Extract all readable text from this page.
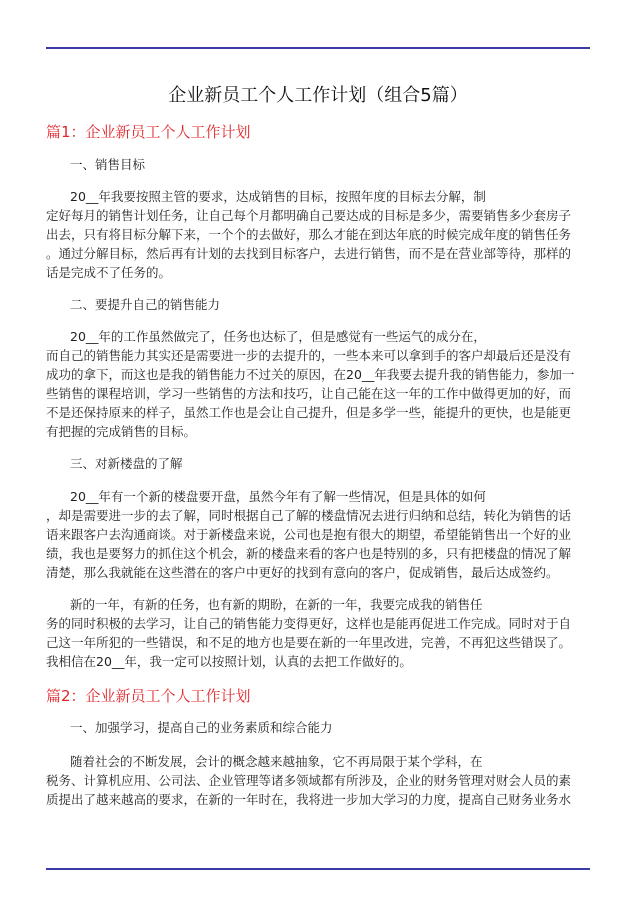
企业新员工个人工作计划（组合5篇）
篇1：企业新员工个人工作计划
一、销售目标
20__年我要按照主管的要求，达成销售的目标，按照年度的目标去分解，制
定好每月的销售计划任务，让自己每个月都明确自己要达成的目标是多少，需要销售多少套房子
出去，只有将目标分解下来，一个个的去做好，那么才能在到达年底的时候完成年度的销售任务
。通过分解目标，然后再有计划的去找到目标客户，去进行销售，而不是在营业部等待，那样的
话是完成不了任务的。
二、要提升自己的销售能力
20__年的工作虽然做完了，任务也达标了，但是感觉有一些运气的成分在，
而自己的销售能力其实还是需要进一步的去提升的，一些本来可以拿到手的客户却最后还是没有
成功的拿下，而这也是我的销售能力不过关的原因，在20__年我要去提升我的销售能力，参加一
些销售的课程培训，学习一些销售的方法和技巧，让自己能在这一年的工作中做得更加的好，而
不是还保持原来的样子，虽然工作也是会让自己提升，但是多学一些，能提升的更快，也是能更
有把握的完成销售的目标。
三、对新楼盘的了解
20__年有一个新的楼盘要开盘，虽然今年有了解一些情况，但是具体的如何
，却是需要进一步的去了解，同时根据自己了解的楼盘情况去进行归纳和总结，转化为销售的话
语来跟客户去沟通商谈。对于新楼盘来说，公司也是抱有很大的期望，希望能销售出一个好的业
绩，我也是要努力的抓住这个机会，新的楼盘来看的客户也是特别的多，只有把楼盘的情况了解
清楚，那么我就能在这些潜在的客户中更好的找到有意向的客户，促成销售，最后达成签约。
新的一年，有新的任务，也有新的期盼，在新的一年，我要完成我的销售任
务的同时积极的去学习，让自己的销售能力变得更好，这样也是能再促进工作完成。同时对于自
己这一年所犯的一些错误，和不足的地方也是要在新的一年里改进，完善，不再犯这些错误了。
我相信在20__年，我一定可以按照计划，认真的去把工作做好的。
篇2：企业新员工个人工作计划
一、加强学习，提高自己的业务素质和综合能力
随着社会的不断发展，会计的概念越来越抽象，它不再局限于某个学科，在
税务、计算机应用、公司法、企业管理等诸多领域都有所涉及，企业的财务管理对财会人员的素
质提出了越来越高的要求，在新的一年时在，我将进一步加大学习的力度，提高自己财务业务水
